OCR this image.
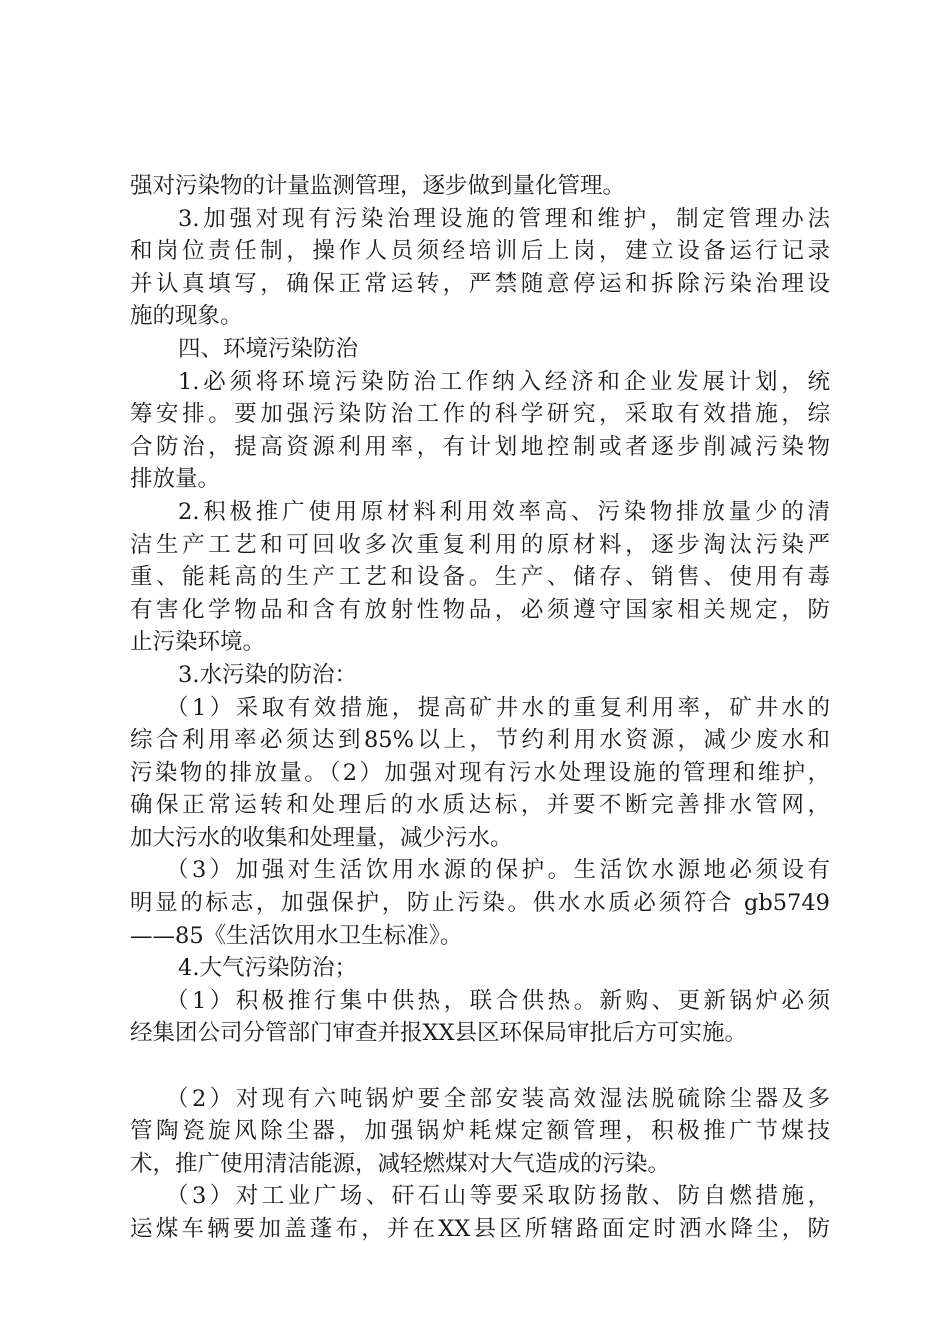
强对污染物的计量监测管理，逐步做到量化管理。
3.加强对现有污染治理设施的管理和维护，制定管理办法
和岗位责任制，操作人员须经培训后上岗，建立设备运行记录
并认真填写，确保正常运转，严禁随意停运和拆除污染治理设
施的现象。
四、环境污染防治
1.必须将环境污染防治工作纳入经济和企业发展计划，统
筹安排。要加强污染防治工作的科学研究，采取有效措施，综
合防治，提高资源利用率，有计划地控制或者逐步削减污染物
排放量。
2.积极推广使用原材料利用效率高、污染物排放量少的清
洁生产工艺和可回收多次重复利用的原材料，逐步淘汰污染严
重、能耗高的生产工艺和设备。生产、储存、销售、使用有毒
有害化学物品和含有放射性物品，必须遵守国家相关规定，防
止污染环境。
3.水污染的防治：
（1）采取有效措施，提高矿井水的重复利用率，矿井水的
综合利用率必须达到85%以上，节约利用水资源，减少废水和
污染物的排放量。（2）加强对现有污水处理设施的管理和维护，
确保正常运转和处理后的水质达标，并要不断完善排水管网，
加大污水的收集和处理量，减少污水。
（3）加强对生活饮用水源的保护。生活饮水源地必须设有
明显的标志，加强保护，防止污染。供水水质必须符合 gb5749
——85《生活饮用水卫生标准》。
4.大气污染防治；
（1）积极推行集中供热，联合供热。新购、更新锅炉必须
经集团公司分管部门审查并报XX县区环保局审批后方可实施。
（2）对现有六吨锅炉要全部安装高效湿法脱硫除尘器及多
管陶瓷旋风除尘器，加强锅炉耗煤定额管理，积极推广节煤技
术，推广使用清洁能源，减轻燃煤对大气造成的污染。
（3）对工业广场、矸石山等要采取防扬散、防自燃措施，
运煤车辆要加盖蓬布，并在XX县区所辖路面定时洒水降尘，防
